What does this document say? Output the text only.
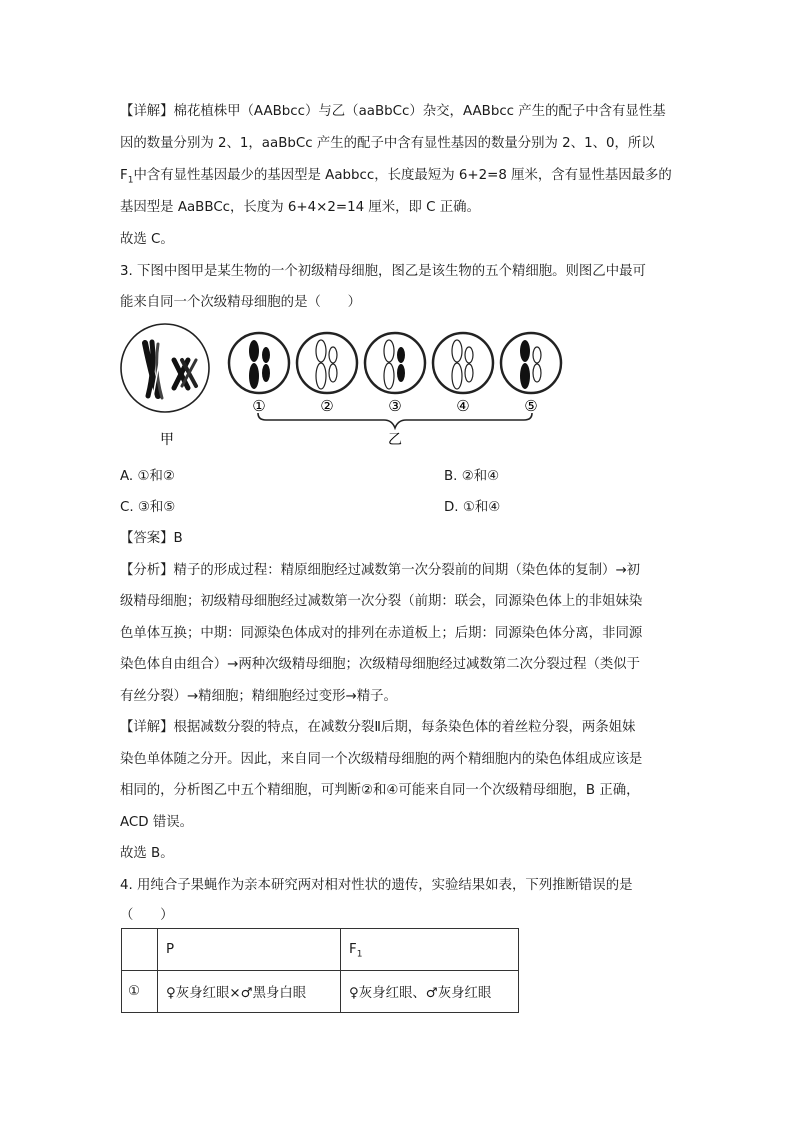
【详解】棉花植株甲（AABbcc）与乙（aaBbCc）杂交，AABbcc 产生的配子中含有显性基
因的数量分别为 2、1，aaBbCc 产生的配子中含有显性基因的数量分别为 2、1、0，所以
$F_1$中含有显性基因最少的基因型是 Aabbcc，长度最短为 6+2=8 厘米，含有显性基因最多的
基因型是 AaBBCc，长度为 6+4×2=14 厘米，即 C 正确。
故选 C。
3. 下图中图甲是某生物的一个初级精母细胞，图乙是该生物的五个精细胞。则图乙中最可
能来自同一个次级精母细胞的是（　　）
①	②	③	④	⑤
甲	乙
A. ①和②	B. ②和④
C. ③和⑤	D. ①和④
【答案】B
【分析】精子的形成过程：精原细胞经过减数第一次分裂前的间期（染色体的复制）→初
级精母细胞；初级精母细胞经过减数第一次分裂（前期：联会，同源染色体上的非姐妹染
色单体互换；中期：同源染色体成对的排列在赤道板上；后期：同源染色体分离，非同源
染色体自由组合）→两种次级精母细胞；次级精母细胞经过减数第二次分裂过程（类似于
有丝分裂）→精细胞；精细胞经过变形→精子。
【详解】根据减数分裂的特点，在减数分裂Ⅱ后期，每条染色体的着丝粒分裂，两条姐妹
染色单体随之分开。因此，来自同一个次级精母细胞的两个精细胞内的染色体组成应该是
相同的，分析图乙中五个精细胞，可判断②和④可能来自同一个次级精母细胞，B 正确，
ACD 错误。
故选 B。
4. 用纯合子果蝇作为亲本研究两对相对性状的遗传，实验结果如表，下列推断错误的是
（　　）
	P	$F_1$
①	♀灰身红眼×♂黑身白眼	♀灰身红眼、♂灰身红眼
